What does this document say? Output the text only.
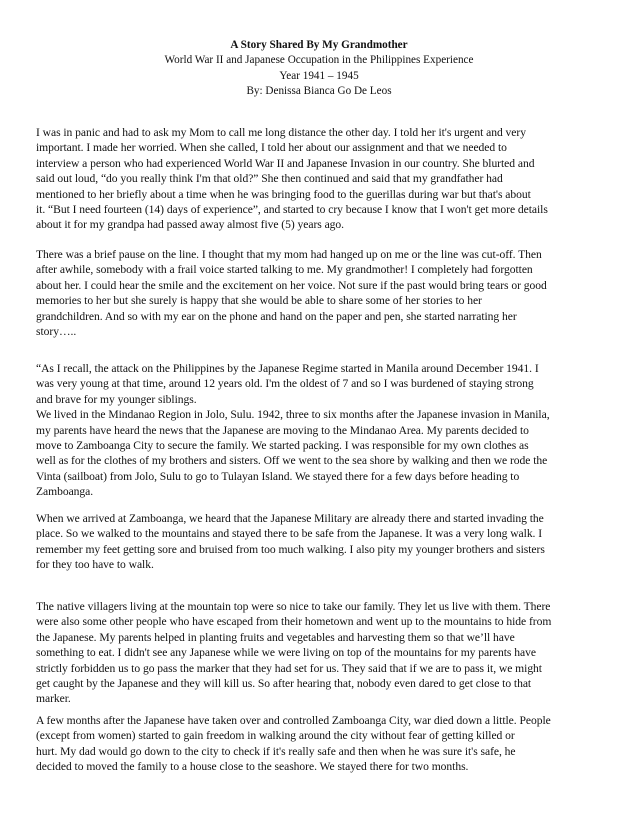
A Story Shared By My Grandmother
World War II and Japanese Occupation in the Philippines Experience
Year 1941 – 1945
By: Denissa Bianca Go De Leos

I was in panic and had to ask my Mom to call me long distance the other day. I told her it's urgent and very
important. I made her worried. When she called, I told her about our assignment and that we needed to
interview a person who had experienced World War II and Japanese Invasion in our country. She blurted and
said out loud, “do you really think I'm that old?” She then continued and said that my grandfather had
mentioned to her briefly about a time when he was bringing food to the guerillas during war but that's about
it. “But I need fourteen (14) days of experience”, and started to cry because I know that I won't get more details
about it for my grandpa had passed away almost five (5) years ago.

There was a brief pause on the line. I thought that my mom had hanged up on me or the line was cut-off. Then
after awhile, somebody with a frail voice started talking to me. My grandmother! I completely had forgotten
about her. I could hear the smile and the excitement on her voice. Not sure if the past would bring tears or good
memories to her but she surely is happy that she would be able to share some of her stories to her
grandchildren. And so with my ear on the phone and hand on the paper and pen, she started narrating her
story…..

“As I recall, the attack on the Philippines by the Japanese Regime started in Manila around December 1941. I
was very young at that time, around 12 years old. I'm the oldest of 7 and so I was burdened of staying strong
and brave for my younger siblings.
We lived in the Mindanao Region in Jolo, Sulu. 1942, three to six months after the Japanese invasion in Manila,
my parents have heard the news that the Japanese are moving to the Mindanao Area. My parents decided to
move to Zamboanga City to secure the family. We started packing. I was responsible for my own clothes as
well as for the clothes of my brothers and sisters. Off we went to the sea shore by walking and then we rode the
Vinta (sailboat) from Jolo, Sulu to go to Tulayan Island. We stayed there for a few days before heading to
Zamboanga.

When we arrived at Zamboanga, we heard that the Japanese Military are already there and started invading the
place. So we walked to the mountains and stayed there to be safe from the Japanese. It was a very long walk. I
remember my feet getting sore and bruised from too much walking. I also pity my younger brothers and sisters
for they too have to walk.

The native villagers living at the mountain top were so nice to take our family. They let us live with them. There
were also some other people who have escaped from their hometown and went up to the mountains to hide from
the Japanese. My parents helped in planting fruits and vegetables and harvesting them so that we’ll have
something to eat. I didn't see any Japanese while we were living on top of the mountains for my parents have
strictly forbidden us to go pass the marker that they had set for us. They said that if we are to pass it, we might
get caught by the Japanese and they will kill us. So after hearing that, nobody even dared to get close to that
marker.

A few months after the Japanese have taken over and controlled Zamboanga City, war died down a little. People
(except from women) started to gain freedom in walking around the city without fear of getting killed or
hurt. My dad would go down to the city to check if it's really safe and then when he was sure it's safe, he
decided to moved the family to a house close to the seashore. We stayed there for two months.
